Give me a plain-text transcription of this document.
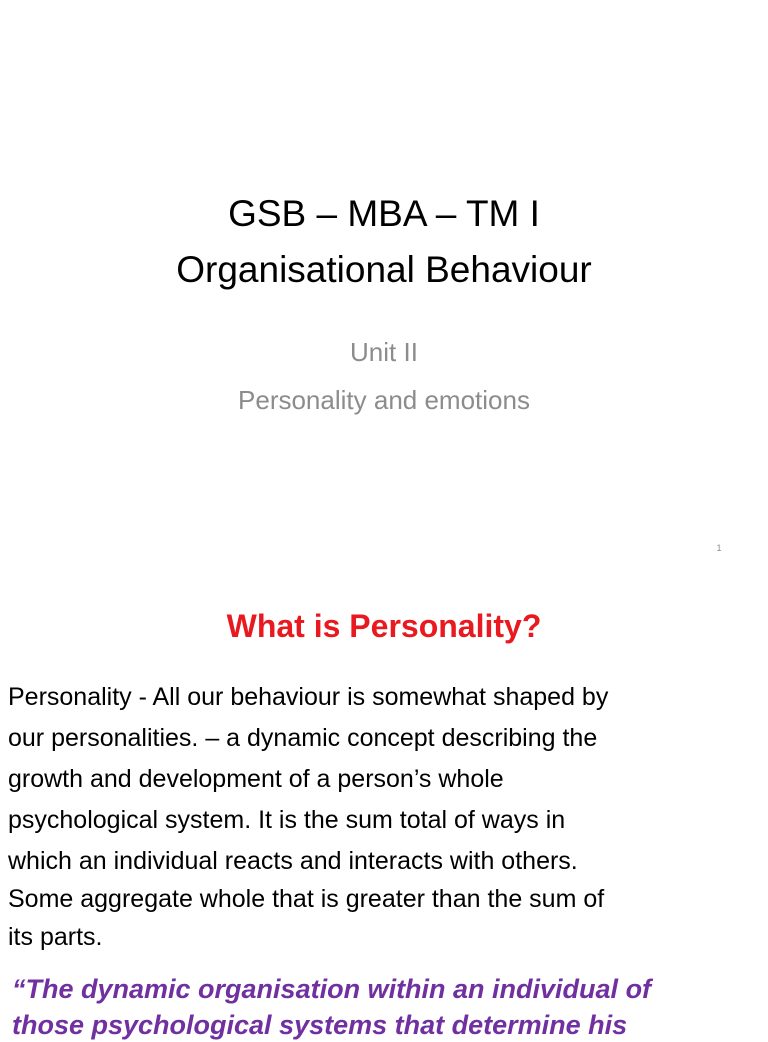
GSB – MBA – TM I
Organisational Behaviour
Unit II
Personality and emotions
1
What is Personality?
Personality - All our behaviour is somewhat shaped by
our personalities. – a dynamic concept describing the
growth and development of a person’s whole
psychological system. It is the sum total of ways in
which an individual reacts and interacts with others.
Some aggregate whole that is greater than the sum of
its parts.
“The dynamic organisation within an individual of
those psychological systems that determine his
